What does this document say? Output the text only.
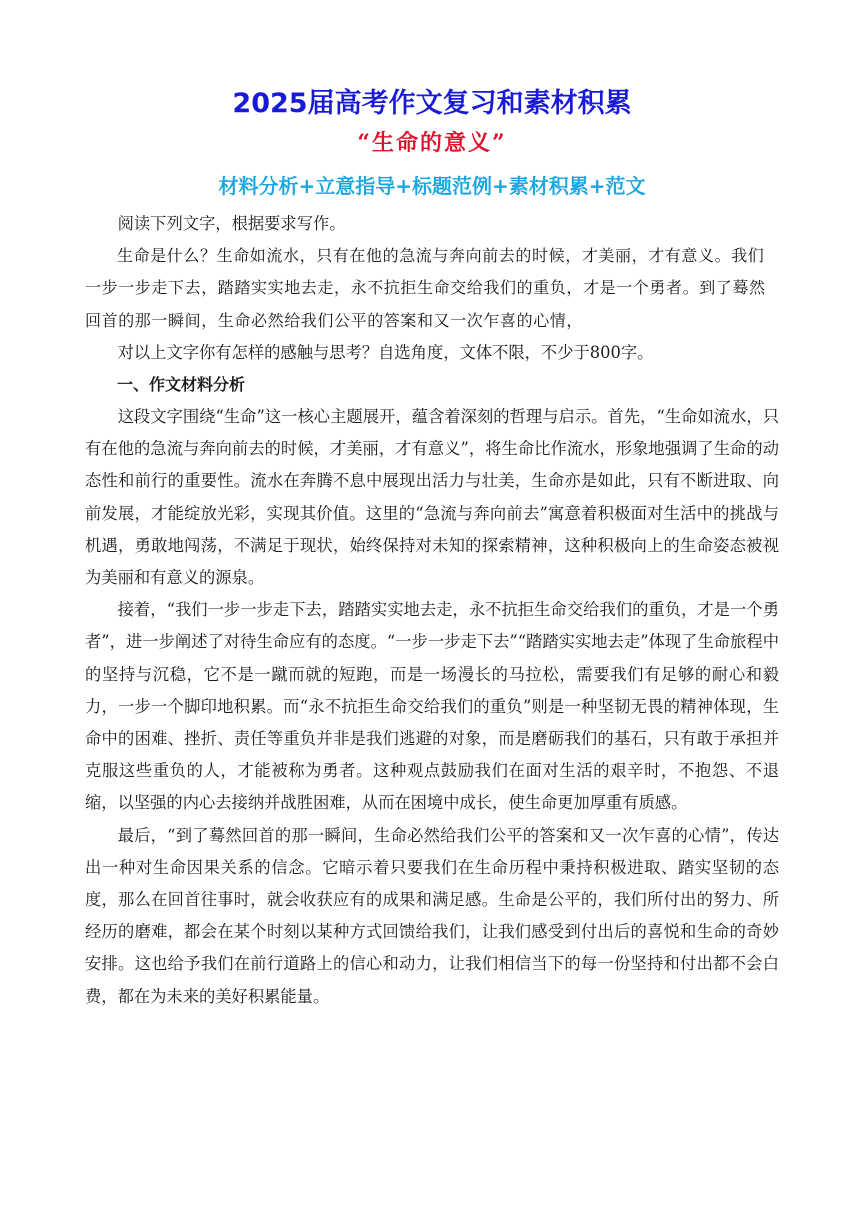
2025届高考作文复习和素材积累
“生命的意义”
材料分析+立意指导+标题范例+素材积累+范文

阅读下列文字，根据要求写作。

生命是什么？生命如流水，只有在他的急流与奔向前去的时候，才美丽，才有意义。我们一步一步走下去，踏踏实实地去走，永不抗拒生命交给我们的重负，才是一个勇者。到了蓦然回首的那一瞬间，生命必然给我们公平的答案和又一次乍喜的心情，

对以上文字你有怎样的感触与思考？自选角度，文体不限，不少于800字。

一、作文材料分析

这段文字围绕“生命”这一核心主题展开，蕴含着深刻的哲理与启示。首先，“生命如流水，只有在他的急流与奔向前去的时候，才美丽，才有意义”，将生命比作流水，形象地强调了生命的动态性和前行的重要性。流水在奔腾不息中展现出活力与壮美，生命亦是如此，只有不断进取、向前发展，才能绽放光彩，实现其价值。这里的“急流与奔向前去”寓意着积极面对生活中的挑战与机遇，勇敢地闯荡，不满足于现状，始终保持对未知的探索精神，这种积极向上的生命姿态被视为美丽和有意义的源泉。

接着，“我们一步一步走下去，踏踏实实地去走，永不抗拒生命交给我们的重负，才是一个勇者”，进一步阐述了对待生命应有的态度。“一步一步走下去”“踏踏实实地去走”体现了生命旅程中的坚持与沉稳，它不是一蹴而就的短跑，而是一场漫长的马拉松，需要我们有足够的耐心和毅力，一步一个脚印地积累。而“永不抗拒生命交给我们的重负”则是一种坚韧无畏的精神体现，生命中的困难、挫折、责任等重负并非是我们逃避的对象，而是磨砺我们的基石，只有敢于承担并克服这些重负的人，才能被称为勇者。这种观点鼓励我们在面对生活的艰辛时，不抱怨、不退缩，以坚强的内心去接纳并战胜困难，从而在困境中成长，使生命更加厚重有质感。

最后，“到了蓦然回首的那一瞬间，生命必然给我们公平的答案和又一次乍喜的心情”，传达出一种对生命因果关系的信念。它暗示着只要我们在生命历程中秉持积极进取、踏实坚韧的态度，那么在回首往事时，就会收获应有的成果和满足感。生命是公平的，我们所付出的努力、所经历的磨难，都会在某个时刻以某种方式回馈给我们，让我们感受到付出后的喜悦和生命的奇妙安排。这也给予我们在前行道路上的信心和动力，让我们相信当下的每一份坚持和付出都不会白费，都在为未来的美好积累能量。
